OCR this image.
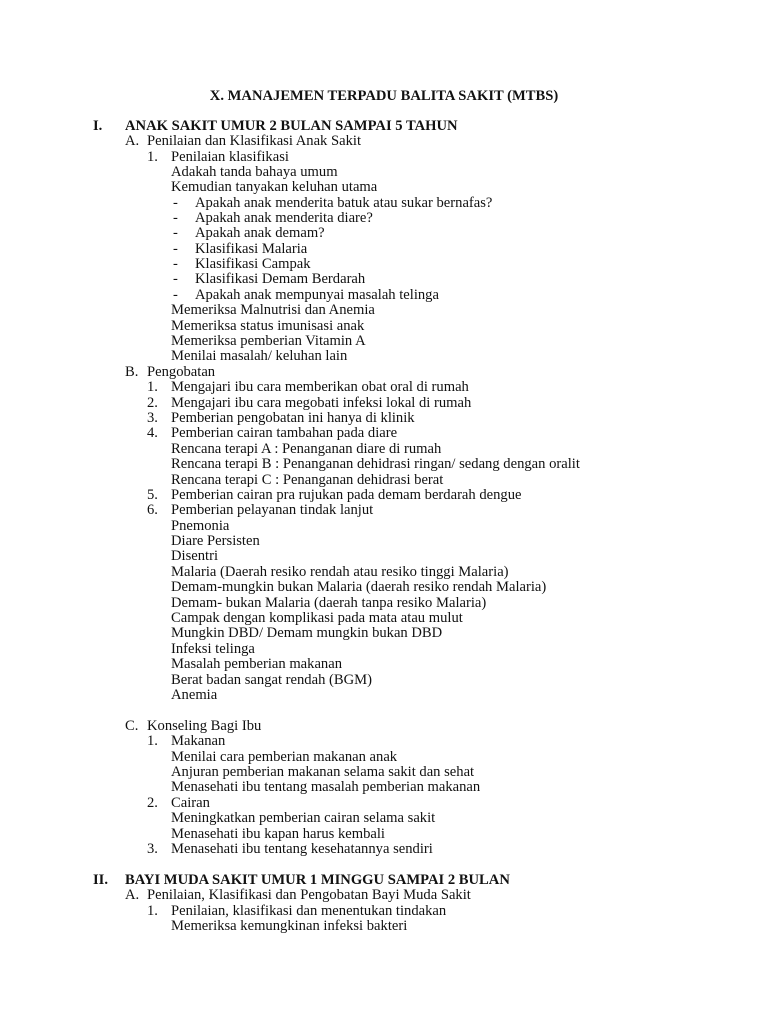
X. MANAJEMEN TERPADU BALITA SAKIT (MTBS)
I. ANAK SAKIT UMUR 2 BULAN SAMPAI 5 TAHUN
A. Penilaian dan Klasifikasi Anak Sakit
1. Penilaian klasifikasi
Adakah tanda bahaya umum
Kemudian tanyakan keluhan utama
- Apakah anak menderita batuk atau sukar bernafas?
- Apakah anak menderita diare?
- Apakah anak demam?
- Klasifikasi Malaria
- Klasifikasi Campak
- Klasifikasi Demam Berdarah
- Apakah anak mempunyai masalah telinga
Memeriksa Malnutrisi dan Anemia
Memeriksa status imunisasi anak
Memeriksa pemberian Vitamin A
Menilai masalah/ keluhan lain
B. Pengobatan
1. Mengajari ibu cara memberikan obat oral di rumah
2. Mengajari ibu cara megobati infeksi lokal di rumah
3. Pemberian pengobatan ini hanya di klinik
4. Pemberian cairan tambahan pada diare
Rencana terapi A : Penanganan diare di rumah
Rencana terapi B : Penanganan dehidrasi ringan/ sedang dengan oralit
Rencana terapi C : Penanganan dehidrasi berat
5. Pemberian cairan pra rujukan pada demam berdarah dengue
6. Pemberian pelayanan tindak lanjut
Pnemonia
Diare Persisten
Disentri
Malaria (Daerah resiko rendah atau resiko tinggi Malaria)
Demam-mungkin bukan Malaria (daerah resiko rendah Malaria)
Demam- bukan Malaria (daerah tanpa resiko Malaria)
Campak dengan komplikasi pada mata atau mulut
Mungkin DBD/ Demam mungkin bukan DBD
Infeksi telinga
Masalah pemberian makanan
Berat badan sangat rendah (BGM)
Anemia
C. Konseling Bagi Ibu
1. Makanan
Menilai cara pemberian makanan anak
Anjuran pemberian makanan selama sakit dan sehat
Menasehati ibu tentang masalah pemberian makanan
2. Cairan
Meningkatkan pemberian cairan selama sakit
Menasehati ibu kapan harus kembali
3. Menasehati ibu tentang kesehatannya sendiri
II. BAYI MUDA SAKIT UMUR 1 MINGGU SAMPAI 2 BULAN
A. Penilaian, Klasifikasi dan Pengobatan Bayi Muda Sakit
1. Penilaian, klasifikasi dan menentukan tindakan
Memeriksa kemungkinan infeksi bakteri
